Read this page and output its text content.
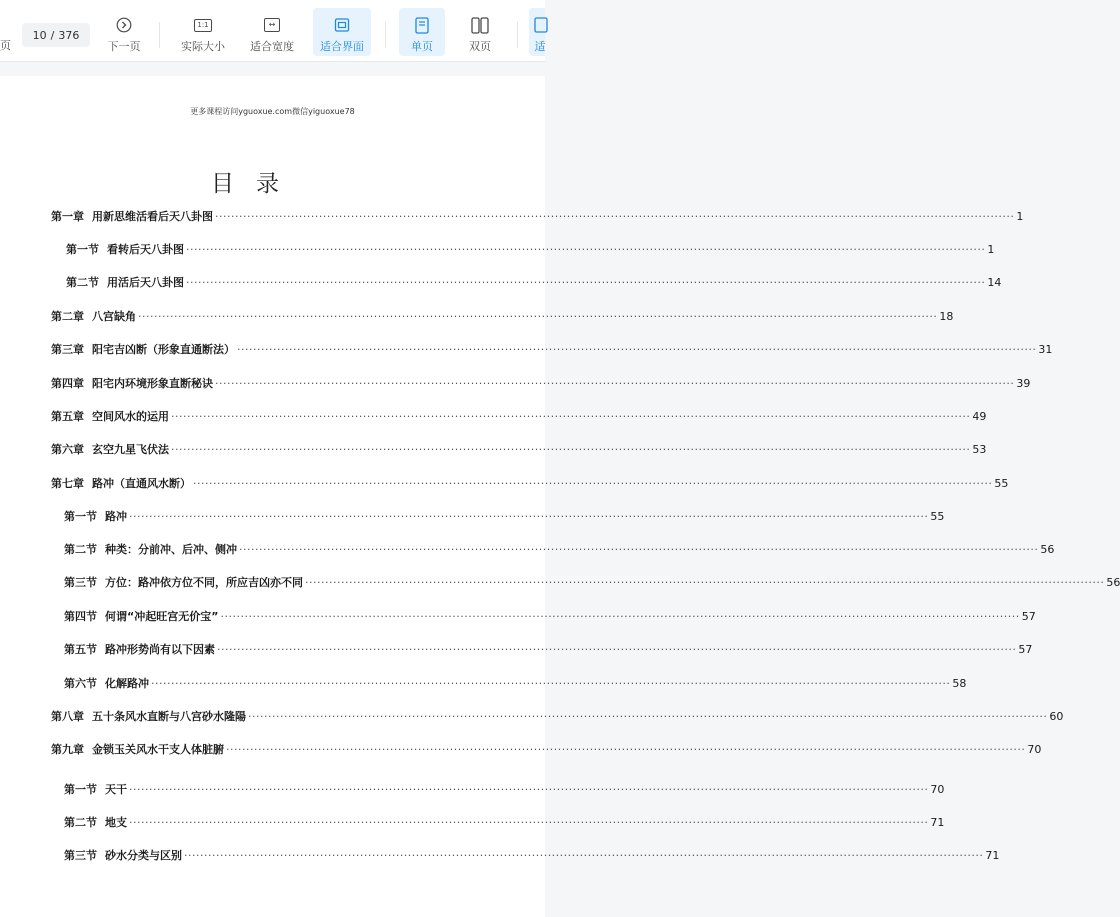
页
10 / 376
下一页
1:1
实际大小
↔
适合宽度 适合界面	单页	双页	适
更多课程访问yguoxue.com微信yiguoxue78
目录
第一章 用新思维活看后天八卦图 ········································································································································································································ 1
第一节 看转后天八卦图 ········································································································································································································ 1
第二节 用活后天八卦图 ········································································································································································································ 14
第二章 八宫缺角 ········································································································································································································ 18
第三章 阳宅吉凶断（形象直通断法） ········································································································································································································ 31
第四章 阳宅内环境形象直断秘诀 ········································································································································································································ 39
第五章 空间风水的运用 ········································································································································································································ 49
第六章 玄空九星飞伏法 ········································································································································································································ 53
第七章 路冲（直通风水断） ········································································································································································································ 55
第一节 路冲 ········································································································································································································ 55
第二节 种类：分前冲、后冲、侧冲 ········································································································································································································ 56
第三节 方位：路冲依方位不同，所应吉凶亦不同 ········································································································································································································ 56
第四节 何谓“冲起旺宫无价宝” ········································································································································································································ 57
第五节 路冲形势尚有以下因素 ········································································································································································································ 57
第六节 化解路冲 ········································································································································································································ 58
第八章 五十条风水直断与八宫砂水隆陽 ········································································································································································································ 60
第九章 金锁玉关风水干支人体脏腑 ········································································································································································································ 70
第一节 天干 ········································································································································································································ 70
第二节 地支 ········································································································································································································ 71
第三节 砂水分类与区别 ········································································································································································································ 71
